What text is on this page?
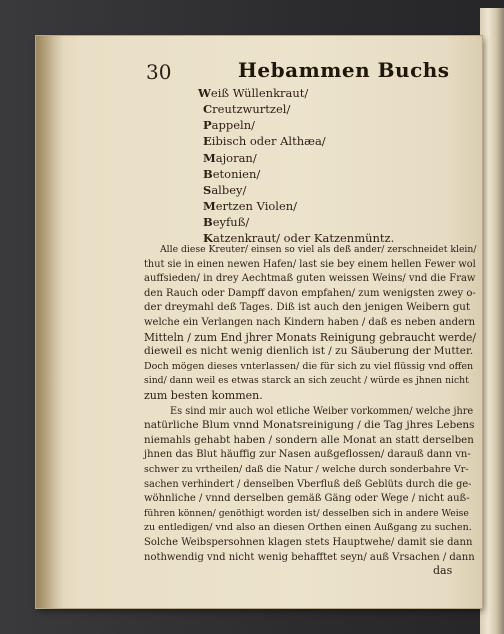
30	Hebammen Buchs
Weiß Wüllenkraut/
Creutzwurtzel/
Pappeln/
Eibisch oder Althæa/
Majoran/
Betonien/
Salbey/
Mertzen Violen/
Beyfuß/
Katzenkraut/ oder Katzenmüntz.
Alle diese Kreuter/ einsen so viel als deß ander/ zerschneidet klein/
thut sie in einen newen Hafen/ last sie bey einem hellen Fewer wol
auffsieden/ in drey Aechtmaß guten weissen Weins/ vnd die Fraw
den Rauch oder Dampff davon empfahen/ zum wenigsten zwey o-
der dreymahl deß Tages. Diß ist auch den jenigen Weibern gut
welche ein Verlangen nach Kindern haben / daß es neben andern
Mitteln / zum End jhrer Monats Reinigung gebraucht werde/
dieweil es nicht wenig dienlich ist / zu Säuberung der Mutter.
Doch mögen dieses vnterlassen/ die für sich zu viel flüssig vnd offen
sind/ dann weil es etwas starck an sich zeucht / würde es jhnen nicht
zum besten kommen.
Es sind mir auch wol etliche Weiber vorkommen/ welche jhre
natürliche Blum vnnd Monatsreinigung / die Tag jhres Lebens
niemahls gehabt haben / sondern alle Monat an statt derselben
jhnen das Blut häuffig zur Nasen außgeflossen/ darauß dann vn-
schwer zu vrtheilen/ daß die Natur / welche durch sonderbahre Vr-
sachen verhindert / denselben Vberfluß deß Geblüts durch die ge-
wöhnliche / vnnd derselben gemäß Gäng oder Wege / nicht auß-
führen können/ genöthigt worden ist/ desselben sich in andere Weise
zu entledigen/ vnd also an diesen Orthen einen Außgang zu suchen.
Solche Weibspersohnen klagen stets Hauptwehe/ damit sie dann
nothwendig vnd nicht wenig behafftet seyn/ auß Vrsachen / dann
das
